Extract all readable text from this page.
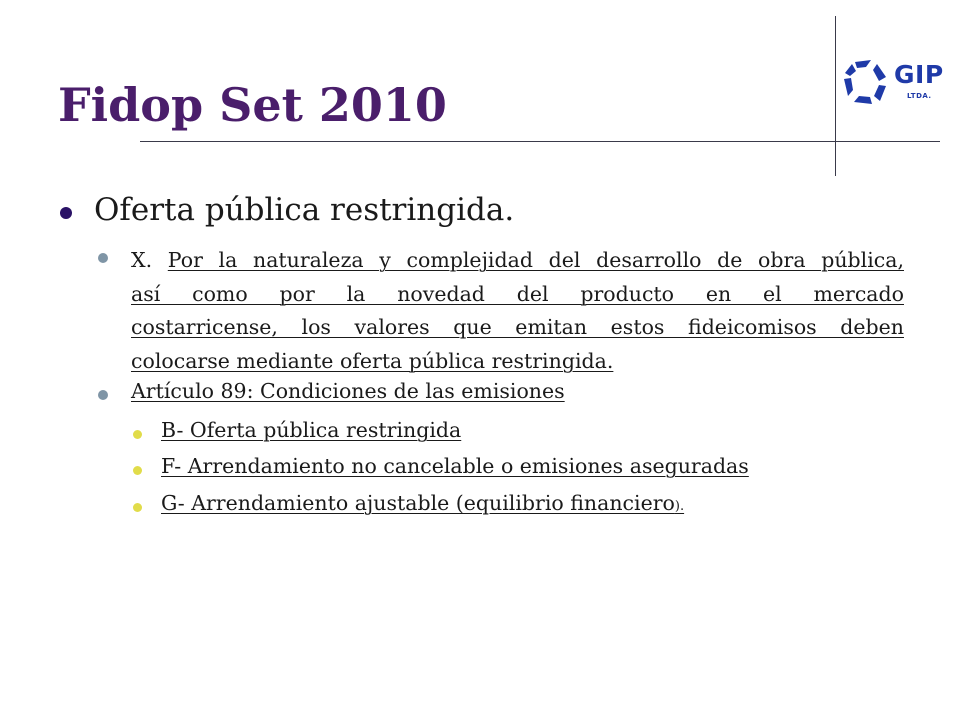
Fidop Set 2010
GIP
LTDA.

Oferta pública restringida.

X. Por la naturaleza y complejidad del desarrollo de obra pública,
así como por la novedad del producto en el mercado
costarricense, los valores que emitan estos fideicomisos deben
colocarse mediante oferta pública restringida.

Artículo 89: Condiciones de las emisiones

B- Oferta pública restringida

F- Arrendamiento no cancelable o emisiones aseguradas

G- Arrendamiento ajustable (equilibrio financiero).
